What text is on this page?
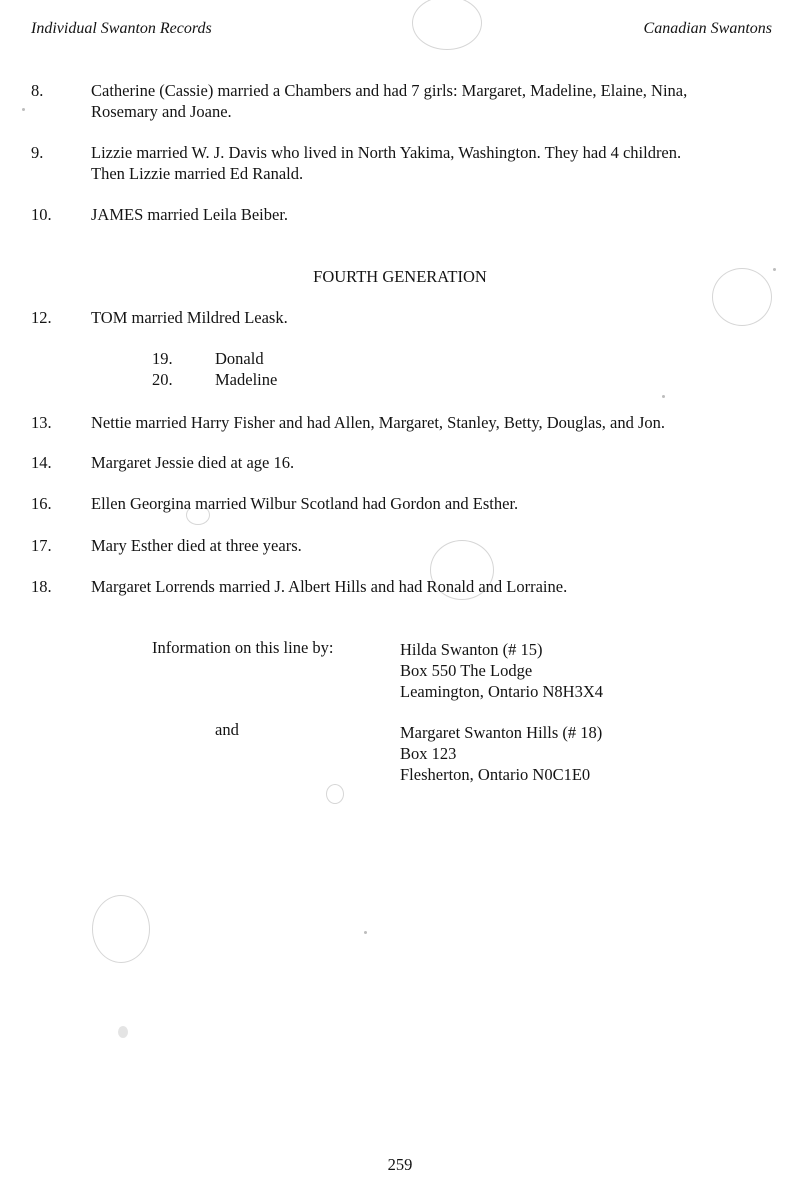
Individual Swanton Records	Canadian Swantons
8.	Catherine (Cassie) married a Chambers and had 7 girls: Margaret, Madeline, Elaine, Nina,
Rosemary and Joane.
9.	Lizzie married W. J. Davis who lived in North Yakima, Washington. They had 4 children.
Then Lizzie married Ed Ranald.
10. JAMES married Leila Beiber.
FOURTH GENERATION
12. TOM married Mildred Leask.
19.	Donald
20.	Madeline
13. Nettie married Harry Fisher and had Allen, Margaret, Stanley, Betty, Douglas, and Jon.
14. Margaret Jessie died at age 16.
16. Ellen Georgina married Wilbur Scotland had Gordon and Esther.
17. Mary Esther died at three years.
18. Margaret Lorrends married J. Albert Hills and had Ronald and Lorraine.
Information on this line by:	Hilda Swanton (# 15)
Box 550 The Lodge
Leamington, Ontario N8H3X4
and	Margaret Swanton Hills (# 18)
Box 123
Flesherton, Ontario N0C1E0
259
